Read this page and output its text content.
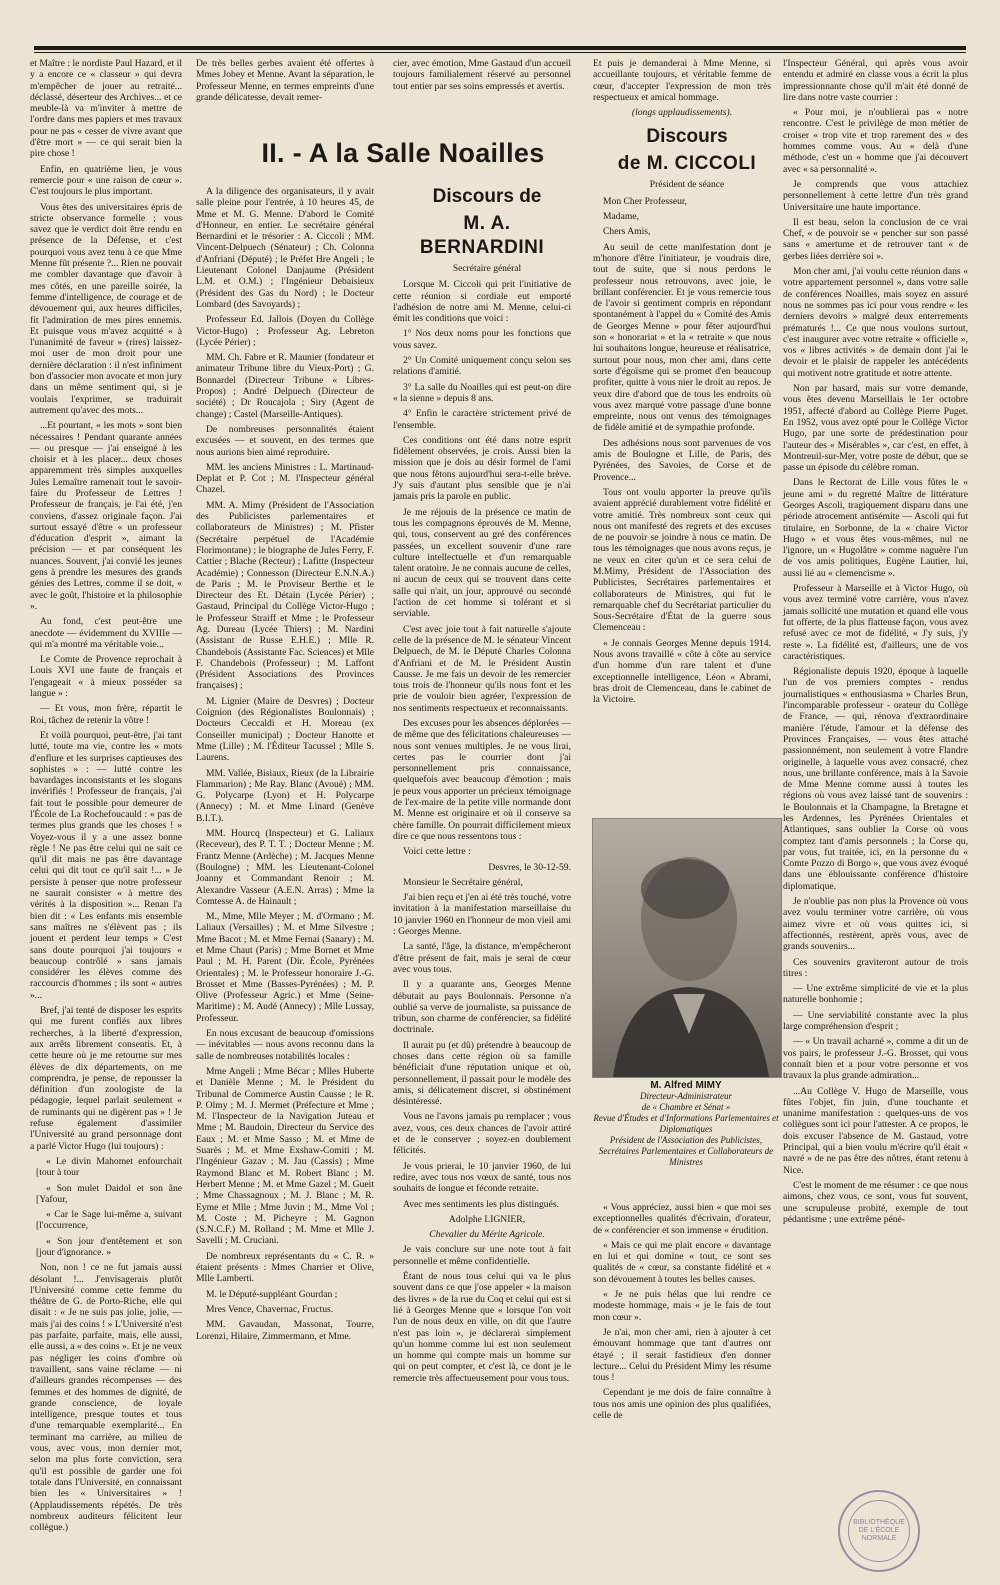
et Maître : le nordiste Paul Hazard, et il y a encore ce « classeur » qui devra m'empêcher de jouer au retraité... déclassé, déserteur des Archives... et ce meuble-là va m'inviter à mettre de l'ordre dans mes papiers et mes travaux pour ne pas « cesser de vivre avant que d'être mort » — ce qui serait bien la pire chose !

Enfin, en quatrième lieu, je vous remercie pour « une raison de cœur ». C'est toujours le plus important.

Vous êtes des universitaires épris de stricte observance formelle ; vous savez que le verdict doit être rendu en présence de la Défense, et c'est pourquoi vous avez tenu à ce que Mme Menne fût présente ?... Rien ne pouvait me combler davantage que d'avoir à mes côtés, en une pareille soirée, la femme d'intelligence, de courage et de dévouement qui, aux heures difficiles, fit l'admiration de mes pires ennemis. Et puisque vous m'avez acquitté « à l'unanimité de faveur » (rires) laissez-moi user de mon droit pour une dernière déclaration : il n'est infiniment bon d'associer mon avocate et mon jury dans un même sentiment qui, si je voulais l'exprimer, se traduirait autrement qu'avec des mots...

...Et pourtant, « les mots » sont bien nécessaires ! Pendant quarante années — ou presque — j'ai enseigné à les choisir et à les placer... deux choses apparemment très simples auxquelles Jules Lemaître ramenait tout le savoir-faire du Professeur de Lettres ! Professeur de français, je l'ai été, j'en conviens, d'assez originale façon. J'ai surtout essayé d'être « un professeur d'éducation d'esprit », aimant la précision — et par conséquent les nuances. Souvent, j'ai convié les jeunes gens à prendre les mesures des grands génies des Lettres, comme il se doit, « avec le goût, l'histoire et la philosophie ».

Au fond, c'est peut-être une anecdote — évidemment du XVIIIe — qui m'a montré ma véritable voie...

Le Comte de Provence reprochait à Louis XVI une faute de français et l'engageait « à mieux posséder sa langue » :

— Et vous, mon frère, répartit le Roi, tâchez de retenir la vôtre !

Et voilà pourquoi, peut-être, j'ai tant lutté, toute ma vie, contre les « mots d'enflure et les surprises captieuses des sophistes » : — lutté contre les bavardages inconsistants et les slogans invérifiés ! Professeur de français, j'ai fait tout le possible pour demeurer de l'École de La Rochefoucauld : « pas de termes plus grands que les choses ! » Voyez-vous il y a une assez bonne règle ! Ne pas être celui qui ne sait ce qu'il dit mais ne pas être davantage celui qui dit tout ce qu'il sait !... » Je persiste à penser que notre professeur ne saurait consister « à mettre des vérités à la disposition »... Renan l'a bien dit : « Les enfants mis ensemble sans maîtres ne s'élèvent pas ; ils jouent et perdent leur temps » C'est sans doute pourquoi j'ai toujours « beaucoup contrôlé » sans jamais considérer les élèves comme des raccourcis d'hommes ; ils sont « autres »...

Bref, j'ai tenté de disposer les esprits qui me furent confiés aux libres recherches, à la liberté d'expression, aux arrêts librement consentis. Et, à cette heure où je me retourne sur mes élèves de dix départements, on me comprendra, je pense, de repousser la définition d'un zoologiste de la pédagogie, lequel parlait seulement « de ruminants qui ne digèrent pas » ! Je refuse également d'assimiler l'Université au grand personnage dont a parlé Victor Hugo (lui toujours) :

« Le divin Mahomet enfourchait [tour à tour

« Son mulet Daidol et son âne [Yafour,

« Car le Sage lui-même a, suivant [l'occurrence,

« Son jour d'entêtement et son [jour d'ignorance. »

Non, non ! ce ne fut jamais aussi désolant !... J'envisagerais plutôt l'Université comme cette femme du théâtre de G. de Porto-Riche, elle qui disait : « Je ne suis pas jolie, jolie, — mais j'ai des coins ! » L'Université n'est pas parfaite, parfaite, mais, elle aussi, elle aussi, a « des coins ». Et je ne veux pas négliger les coins d'ombre où travaillent, sans vaine réclame — ni d'ailleurs grandes récompenses — des femmes et des hommes de dignité, de grande conscience, de loyale intelligence, presque toutes et tous d'une remarquable exemplarité... En terminant ma carrière, au milieu de vous, avec vous, mon dernier mot, selon ma plus forte conviction, sera qu'il est possible de garder une foi totale dans l'Université, en connaissant bien les « Universitaires » ! (Applaudissements répétés. De très nombreux auditeurs félicitent leur collègue.)

De très belles gerbes avaient été offertes à Mmes Jobey et Menne. Avant la séparation, le Professeur Menne, en termes empreints d'une grande délicatesse, devait remer-

II. - A la Salle Noailles

A la diligence des organisateurs, il y avait salle pleine pour l'entrée, à 10 heures 45, de Mme et M. G. Menne. D'abord le Comité d'Honneur, en entier. Le secrétaire général Bernardini et le trésorier : A. Ciccoli ; MM. Vincent-Delpuech (Sénateur) ; Ch. Colonna d'Anfriani (Député) ; le Préfet Hre Angeli ; le Lieutenant Colonel Danjaume (Président L.M. et O.M.) ; l'Ingénieur Debaisieux (Président des Gas du Nord) ; le Docteur Lombard (des Savoyards) ;

Professeur Ed. Jallois (Doyen du Collège Victor-Hugo) ; Professeur Ag. Lebreton (Lycée Périer) ;

MM. Ch. Fabre et R. Maunier (fondateur et animateur Tribune libre du Vieux-Port) ; G. Bonnardel (Directeur Tribune « Libres-Propos) ; André Delpuech (Directeur de société) ; Dr Roucajola ; Siry (Agent de change) ; Castel (Marseille-Antiques).

De nombreuses personnalités étaient excusées — et souvent, en des termes que nous aurions bien aimé reproduire.

MM. les anciens Ministres : L. Martinaud-Deplat et P. Cot ; M. l'Inspecteur général Chazel.

MM. A. Mimy (Président de l'Association des Publicistes parlementaires et collaborateurs de Ministres) ; M. Pfister (Secrétaire perpétuel de l'Académie Florimontane) ; le biographe de Jules Ferry, F. Cattier ; Blache (Recteur) ; Lafitte (Inspecteur Académie) ; Connesson (Directeur E.N.N.A.) de Paris ; M. le Proviseur Berthe et le Directeur des Et. Détain (Lycée Périer) ; Gastaud, Principal du Collège Victor-Hugo ; le Professeur Straiff et Mme ; le Professeur Ag. Dureau (Lycée Thiers) ; M. Nardini (Assistant de Russe E.H.E.) ; Mlle R. Chandebois (Assistante Fac. Sciences) et Mlle F. Chandebois (Professeur) ; M. Laffont (Président Associations des Provinces françaises) ;

M. Lignier (Maire de Desvres) ; Docteur Coignion (des Régionalistes Boulonnais) ; Docteurs Ceccaldi et H. Moreau (ex Conseiller municipal) ; Docteur Hanotte et Mme (Lille) ; M. l'Éditeur Tacussel ; Mlle S. Laurens.

MM. Vallée, Bisiaux, Rieux (de la Librairie Flammarion) ; Me Ray. Blanc (Avoué) ; MM. G. Polycarpe (Lyon) et H. Polycarpe (Annecy) ; M. et Mme Linard (Genève B.I.T.).

MM. Hourcq (Inspecteur) et G. Laliaux (Receveur), des P. T. T. ; Docteur Menne ; M. Frantz Menne (Ardèche) ; M. Jacques Menne (Boulogne) ; MM. les Lieutenant-Colonel Joanny et Commandant Renoir ; M. Alexandre Vasseur (A.E.N. Arras) ; Mme la Comtesse A. de Hainault ;

M., Mme, Mlle Meyer ; M. d'Ormano ; M. Laliaux (Versailles) ; M. et Mme Silvestre ; Mme Bacot ; M. et Mme Fernai (Sanary) ; M. et Mme Chaut (Paris) ; Mme Bornet et Mme Paul ; M. H. Parent (Dir. École, Pyrénées Orientales) ; M. le Professeur honoraire J.-G. Brosset et Mme (Basses-Pyrénées) ; M. P. Olive (Professeur Agric.) et Mme (Seine-Maritime) ; M. Audé (Annecy) ; Mlle Lussay, Professeur.

En nous excusant de beaucoup d'omissions — inévitables — nous avons reconnu dans la salle de nombreuses notabilités locales :

Mme Angeli ; Mme Bécar ; Mlles Huberte et Danièle Menne ; M. le Président du Tribunal de Commerce Austin Causse ; le R. P. Olmy ; M. J. Mermet (Préfecture et Mme ; M. l'Inspecteur de la Navigation Juteau et Mme ; M. Baudoin, Directeur du Service des Eaux ; M. et Mme Sasso ; M. et Mme de Suarès ; M. et Mme Exshaw-Comiti ; M. l'Ingénieur Gazav ; M. Jau (Cassis) ; Mme Raymond Blanc et M. Robert Blanc ; M. Herbert Menne ; M. et Mme Gazel ; M. Gueit ; Mme Chassagnoux ; M. J. Blanc ; M. R. Eyme et Mlle ; Mme Juvin ; M., Mme Vol ; M. Coste ; M. Picheyre ; M. Gagnon (S.N.C.F.) M. Rolland ; M. Mme et Mlle J. Savelli ; M. Cruciani.

De nombreux représentants du « C. R. » étaient présents : Mmes Charrier et Olive, Mlle Lamberti.

M. le Député-suppléant Gourdan ;

Mres Vence, Chavernac, Fructus.

MM. Gavaudan, Massonat, Tourre, Lorenzi, Hilaire, Zimmermann, et Mme.

cier, avec émotion, Mme Gastaud d'un accueil toujours familialement réservé au personnel tout entier par ses soins empressés et avertis.

Discours de

M. A. BERNARDINI

Secrétaire général

Lorsque M. Ciccoli qui prit l'initiative de cette réunion si cordiale eut emporté l'adhésion de notre ami M. Menne, celui-ci émit les conditions que voici :

1° Nos deux noms pour les fonctions que vous savez.

2° Un Comité uniquement conçu selon ses relations d'amitié.

3° La salle du Noailles qui est peut-on dire « la sienne » depuis 8 ans.

4° Enfin le caractère strictement privé de l'ensemble.

Ces conditions ont été dans notre esprit fidèlement observées, je crois. Aussi bien la mission que je dois au désir formel de l'ami que nous fêtons aujourd'hui sera-t-elle brève. J'y suis d'autant plus sensible que je n'ai jamais pris la parole en public.

Je me réjouis de la présence ce matin de tous les compagnons éprouvés de M. Menne, qui, tous, conservent au gré des conférences passées, un excellent souvenir d'une rare culture intellectuelle et d'un remarquable talent oratoire. Je ne connais aucune de celles, ni aucun de ceux qui se trouvent dans cette salle qui n'ait, un jour, approuvé ou secondé l'action de cet homme si tolérant et si serviable.

C'est avec joie tout à fait naturelle s'ajoute celle de la présence de M. le sénateur Vincent Delpuech, de M. le Député Charles Colonna d'Anfriani et de M. le Président Austin Causse. Je me fais un devoir de les remercier tous trois de l'honneur qu'ils nous font et les prie de vouloir bien agréer, l'expression de nos sentiments respectueux et reconnaissants.

Des excuses pour les absences déplorées — de même que des félicitations chaleureuses — nous sont venues multiples. Je ne vous lirai, certes pas le courrier dont j'ai personnellement pris connaissance, quelquefois avec beaucoup d'émotion ; mais je peux vous apporter un précieux témoignage de l'ex-maire de la petite ville normande dont M. Menne est originaire et où il conserve sa chère famille. On pourrait difficilement mieux dire ce que nous ressentons tous :

Voici cette lettre :

Desvres, le 30-12-59.

Monsieur le Secrétaire général,

J'ai bien reçu et j'en ai été très touché, votre invitation à la manifestation marseillaise du 10 janvier 1960 en l'honneur de mon vieil ami : Georges Menne.

La santé, l'âge, la distance, m'empêcheront d'être présent de fait, mais je serai de cœur avec vous tous.

Il y a quarante ans, Georges Menne débutait au pays Boulonnais. Personne n'a oublié sa verve de journaliste, sa puissance de tribun, son charme de conférencier, sa fidélité doctrinale.

Il aurait pu (et dû) prétendre à beaucoup de choses dans cette région où sa famille bénéficiait d'une réputation unique et où, personnellement, il passait pour le modèle des amis, si délicatement discret, si obstinément désintéressé.

Vous ne l'avons jamais pu remplacer ; vous avez, vous, ces deux chances de l'avoir attiré et de le conserver ; soyez-en doublement félicités.

Je vous prierai, le 10 janvier 1960, de lui redire, avec tous nos vœux de santé, tous nos souhaits de longue et féconde retraite.

Avec mes sentiments les plus distingués.

Adolphe LIGNIER,

Chevalier du Mérite Agricole.

Je vais conclure sur une note tout à fait personnelle et même confidentielle.

Étant de nous tous celui qui va le plus souvent dans ce que j'ose appeler « la maison des livres » de la rue du Coq et celui qui est si lié à Georges Menne que « lorsque l'on voit l'un de nous deux en ville, on dit que l'autre n'est pas loin », je déclarerai simplement qu'un homme comme lui est non seulement un homme qui compte mais un homme sur qui on peut compter, et c'est là, ce dont je le remercie très affectueusement pour vous tous.

Et puis je demanderai à Mme Menne, si accueillante toujours, et véritable femme de cœur, d'accepter l'expression de mon très respectueux et amical hommage.

(longs applaudissements).

Discours

de M. CICCOLI

Président de séance

Mon Cher Professeur,

Madame,

Chers Amis,

Au seuil de cette manifestation dont je m'honore d'être l'initiateur, je voudrais dire, tout de suite, que si nous perdons le professeur nous retrouvons, avec joie, le brillant conférencier. Et je vous remercie tous de l'avoir si gentiment compris en répondant spontanément à l'appel du « Comité des Amis de Georges Menne » pour fêter aujourd'hui son « honorariat » et la « retraite » que nous lui souhaitons longue, heureuse et réalisatrice, surtout pour nous, mon cher ami, dans cette sorte d'égoïsme qui se promet d'en beaucoup profiter, quitte à vous nier le droit au repos. Je veux dire d'abord que de tous les endroits où vous avez marqué votre passage d'une bonne empreinte, nous ont venus des témoignages de fidèle amitié et de sympathie profonde.

Des adhésions nous sont parvenues de vos amis de Boulogne et Lille, de Paris, des Pyrénées, des Savoies, de Corse et de Provence...

Tous ont voulu apporter la preuve qu'ils avaient apprécié durablement votre fidélité et votre amitié. Très nombreux sont ceux qui nous ont manifesté des regrets et des excuses de ne pouvoir se joindre à nous ce matin. De tous les témoignages que nous avons reçus, je ne veux en citer qu'un et ce sera celui de M.Mimy, Président de l'Association des Publicistes, Secrétaires parlementaires et collaborateurs de Ministres, qui fut le remarquable chef du Secrétariat particulier du Sous-Secrétaire d'État de la guerre sous Clemenceau :

« Je connais Georges Menne depuis 1914. Nous avons travaillé « côte à côte au service d'un homme d'un rare talent et d'une exceptionnelle intelligence, Léon « Abrami, bras droit de Clemenceau, dans le cabinet de la Victoire.

M. Alfred MIMY
Directeur-Administrateur
de « Chambre et Sénat »
Revue d'Études et d'Informations Parlementaires et Diplomatiques
Président de l'Association des Publicistes, Secrétaires Parlementaires et Collaborateurs de Ministres

« Vous appréciez, aussi bien « que moi ses exceptionnelles qualités d'écrivain, d'orateur, de « conférencier et son immense « érudition.

« Mais ce qui me plait encore « davantage en lui et qui domine « tout, ce sont ses qualités de « cœur, sa constante fidélité et « son dévouement à toutes les belles causes.

« Je ne puis hélas que lui rendre ce modeste hommage, mais « je le fais de tout mon cœur ».

Je n'ai, mon cher ami, rien à ajouter à cet émouvant hommage que tant d'autres ont étayé ; il serait fastidieux d'en donner lecture... Celui du Président Mimy les résume tous !

Cependant je me dois de faire connaître à tous nos amis une opinion des plus qualifiées, celle de

l'Inspecteur Général, qui après vous avoir entendu et admiré en classe vous a écrit la plus impressionnante chose qu'il m'ait été donné de lire dans notre vaste courrier :

« Pour moi, je n'oublierai pas « notre rencontre. C'est le privilège de mon métier de croiser « trop vite et trop rarement des « des hommes comme vous. Au « delà d'une méthode, c'est un « homme que j'ai découvert avec « sa personnalité ».

Je comprends que vous attachiez personnellement à cette lettre d'un très grand Universitaire une haute importance.

Il est beau, selon la conclusion de ce vrai Chef, « de pouvoir se « pencher sur son passé sans « amertume et de retrouver tant « de gerbes liées derrière soi ».

Mon cher ami, j'ai voulu cette réunion dans « votre appartement personnel », dans votre salle de conférences Noailles, mais soyez en assuré nous ne sommes pas ici pour vous rendre « les derniers devoirs » malgré deux enterrements prématurés !... Ce que nous voulons surtout, c'est inaugurer avec votre retraite « officielle », vos « libres activités » de demain dont j'ai le devoir et le plaisir de rappeler les antécédents qui motivent notre gratitude et notre attente.

Non par hasard, mais sur votre demande, vous êtes devenu Marseillais le 1er octobre 1951, affecté d'abord au Collège Pierre Puget. En 1952, vous avez opté pour le Collège Victor Hugo, par une sorte de prédestination pour l'auteur des « Misérables », car c'est, en effet, à Montreuil-sur-Mer, votre poste de début, que se passe un épisode du célèbre roman.

Dans le Rectorat de Lille vous fûtes le « jeune ami » du regretté Maître de littérature Georges Ascoli, tragiquement disparu dans une période atrocement antisémite — Ascoli qui fut titulaire, en Sorbonne, de la « chaire Victor Hugo » et vous êtes vous-mêmes, nul ne l'ignore, un « Hugolâtre » comme naguère l'un de vos amis politiques, Eugène Lautier, lui, aussi lié au « clemencisme ».

Professeur à Marseille et à Victor Hugo, où vous avez terminé votre carrière, vous n'avez jamais sollicité une mutation et quand elle vous fut offerte, de la plus flatteuse façon, vous avez refusé avec ce mot de fidélité, « J'y suis, j'y reste ». La fidélité est, d'ailleurs, une de vos caractéristiques.

Régionaliste depuis 1920, époque à laquelle l'un de vos premiers comptes - rendus journalistiques « enthousiasma » Charles Brun, l'incomparable professeur - orateur du Collège de France, — qui, rénova d'extraordinaire manière l'étude, l'amour et la défense des Provinces Françaises, — vous êtes attaché passionnément, non seulement à votre Flandre originelle, à laquelle vous avez consacré, chez nous, une brillante conférence, mais à la Savoie de Mme Menne comme aussi à toutes les régions où vous avez laissé tant de souvenirs : le Boulonnais et la Champagne, la Bretagne et les Ardennes, les Pyrénées Orientales et Atlantiques, sans oublier la Corse où vous comptez tant d'amis personnels ; la Corse qu, par vous, fut traitée, ici, en la personne du « Comte Pozzo di Borgo », que vous avez évoqué dans une éblouissante conférence d'histoire diplomatique.

Je n'oublie pas non plus la Provence où vous avez voulu terminer votre carrière, où vous aimez vivre et où vous quittes ici, si affectionnés, restèrent, après vous, avec de grands souvenirs...

Ces souvenirs graviteront autour de trois titres :

— Une extrême simplicité de vie et la plus naturelle bonhomie ;

— Une serviabilité constante avec la plus large compréhension d'esprit ;

— « Un travail acharné », comme a dit un de vos pairs, le professeur J.-G. Brosset, qui vous connaît bien et a pour votre personne et vos travaux la plus grande admiration...

...Au Collège V. Hugo de Marseille, vous fûtes l'objet, fin juin, d'une touchante et unanime manifestation : quelques-uns de vos collègues sont ici pour l'attester. A ce propos, le dois excuser l'absence de M. Gastaud, votre Principal, qui a bien voulu m'écrire qu'il était « navré » de ne pas être des nôtres, étant retenu à Nice.

C'est le moment de me résumer : ce que nous aimons, chez vous, ce sont, vous fut souvent, une scrupuleuse probité, exemple de tout pédantisme ; une extrême péné-

BIBLIOTHÈQUE DE L'ÉCOLE NORMALE
